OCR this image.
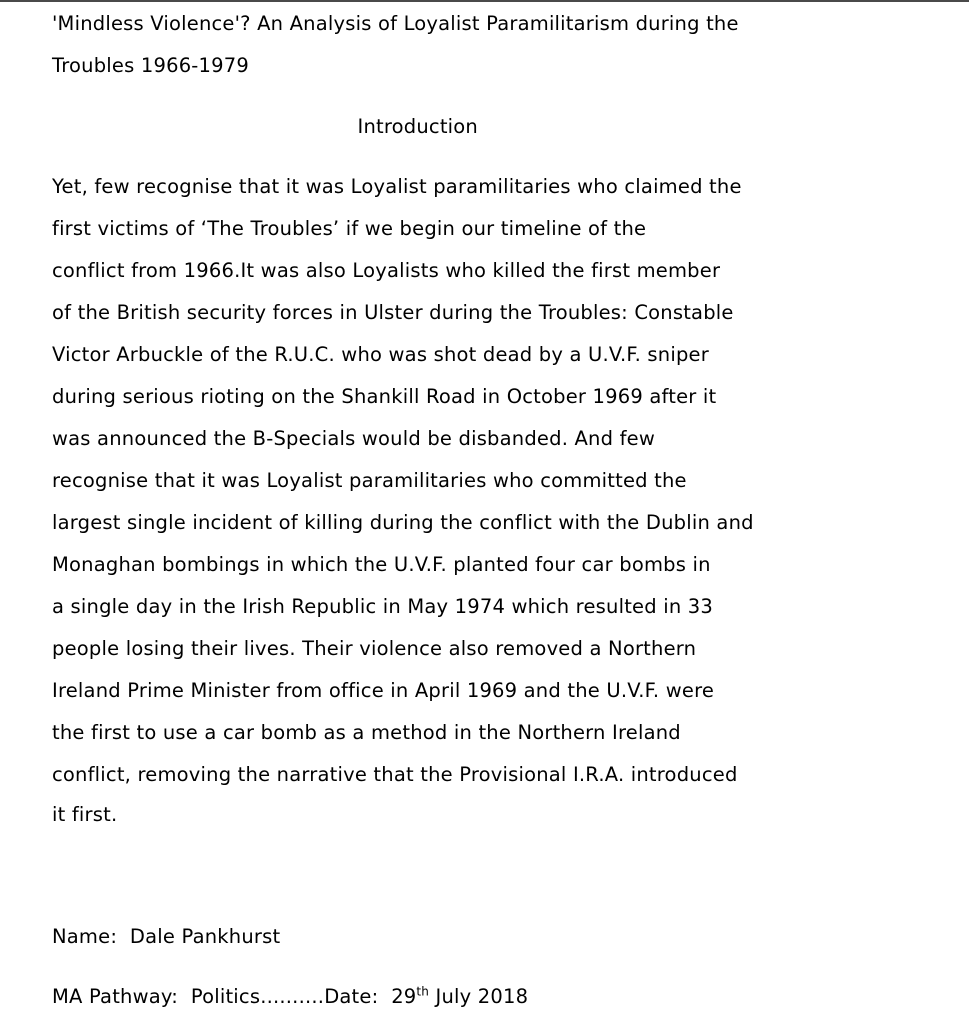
'Mindless Violence'? An Analysis of Loyalist Paramilitarism during the
Troubles 1966-1979
Introduction
Yet, few recognise that it was Loyalist paramilitaries who claimed the
first victims of ‘The Troubles’ if we begin our timeline of the
conflict from 1966.It was also Loyalists who killed the first member
of the British security forces in Ulster during the Troubles: Constable
Victor Arbuckle of the R.U.C. who was shot dead by a U.V.F. sniper
during serious rioting on the Shankill Road in October 1969 after it
was announced the B-Specials would be disbanded. And few
recognise that it was Loyalist paramilitaries who committed the
largest single incident of killing during the conflict with the Dublin and
Monaghan bombings in which the U.V.F. planted four car bombs in
a single day in the Irish Republic in May 1974 which resulted in 33
people losing their lives. Their violence also removed a Northern
Ireland Prime Minister from office in April 1969 and the U.V.F. were
the first to use a car bomb as a method in the Northern Ireland
conflict, removing the narrative that the Provisional I.R.A. introduced
it first.
Name: Dale Pankhurst
MA Pathway: Politics..........Date: 29th July 2018
